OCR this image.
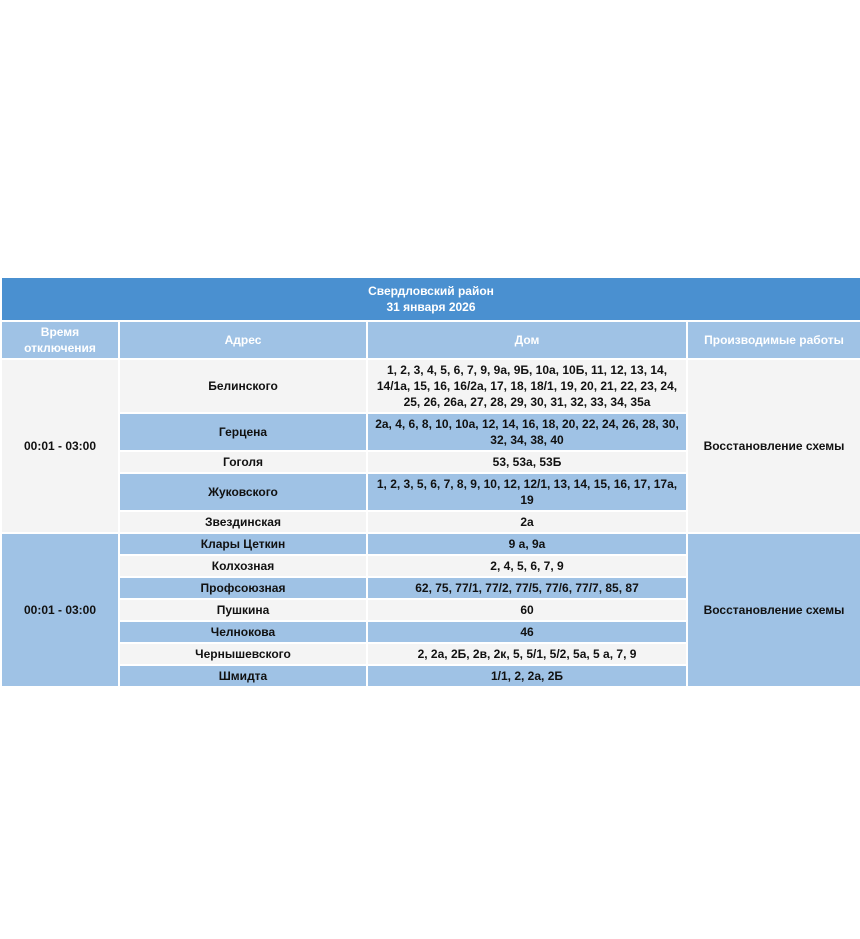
Свердловский район
31 января 2026			

Время отключения	Адрес	Дом	Производимые работы
00:01 - 03:00	Белинского	1, 2, 3, 4, 5, 6, 7, 9, 9а, 9Б, 10а, 10Б, 11, 12, 13, 14,
14/1а, 15, 16, 16/2а, 17, 18, 18/1, 19, 20, 21, 22, 23, 24,
25, 26, 26а, 27, 28, 29, 30, 31, 32, 33, 34, 35а	Восстановление схемы
	Герцена	2а, 4, 6, 8, 10, 10а, 12, 14, 16, 18, 20, 22, 24, 26, 28, 30,
32, 34, 38, 40	

	Гоголя	53, 53а, 53Б	

	Жуковского	1, 2, 3, 5, 6, 7, 8, 9, 10, 12, 12/1, 13, 14, 15, 16, 17, 17а,
19	

	Звездинская	2а	

00:01 - 03:00	Клары Цеткин	9 а, 9а	Восстановление схемы
	Колхозная	2, 4, 5, 6, 7, 9	

	Профсоюзная	62, 75, 77/1, 77/2, 77/5, 77/6, 77/7, 85, 87	

	Пушкина	60	

	Челнокова	46	

	Чернышевского	2, 2а, 2Б, 2в, 2к, 5, 5/1, 5/2, 5а, 5 а, 7, 9	

	Шмидта	1/1, 2, 2а, 2Б	
